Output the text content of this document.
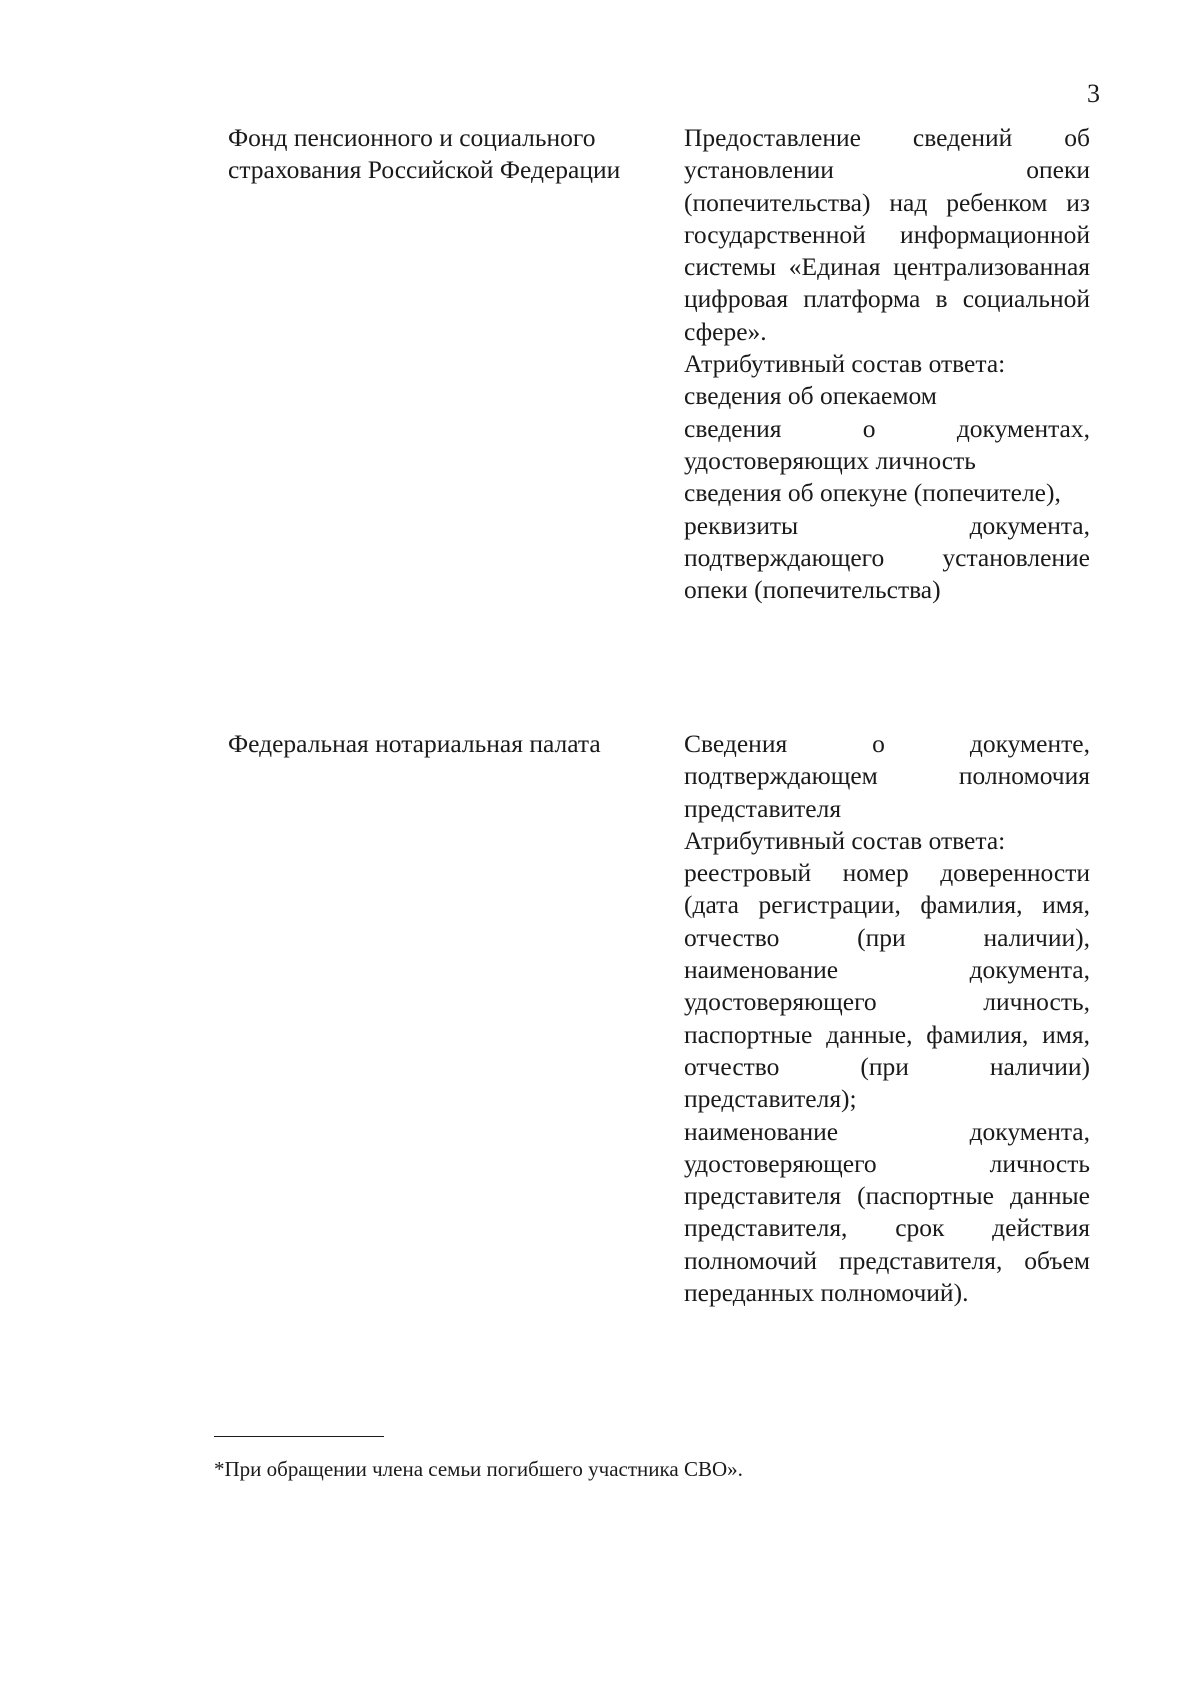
3
Фонд пенсионного и социального
страхования Российской Федерации

Предоставление сведений об установлении опеки (попечительства) над ребенком из государственной информационной системы «Единая централизованная цифровая платформа в социальной сфере».

Атрибутивный состав ответа:

сведения об опекаемом

сведения о документах, удостоверяющих личность

сведения об опекуне (попечителе),

реквизиты документа, подтверждающего установление опеки (попечительства)

Федеральная нотариальная палата	Сведения о документе, подтверждающем полномочия представителя

Атрибутивный состав ответа:

реестровый номер доверенности (дата регистрации, фамилия, имя, отчество (при наличии), наименование документа, удостоверяющего личность, паспортные данные, фамилия, имя, отчество (при наличии) представителя);

наименование документа, удостоверяющего личность представителя (паспортные данные представителя, срок действия полномочий представителя, объем переданных полномочий).

*При обращении члена семьи погибшего участника СВО».
